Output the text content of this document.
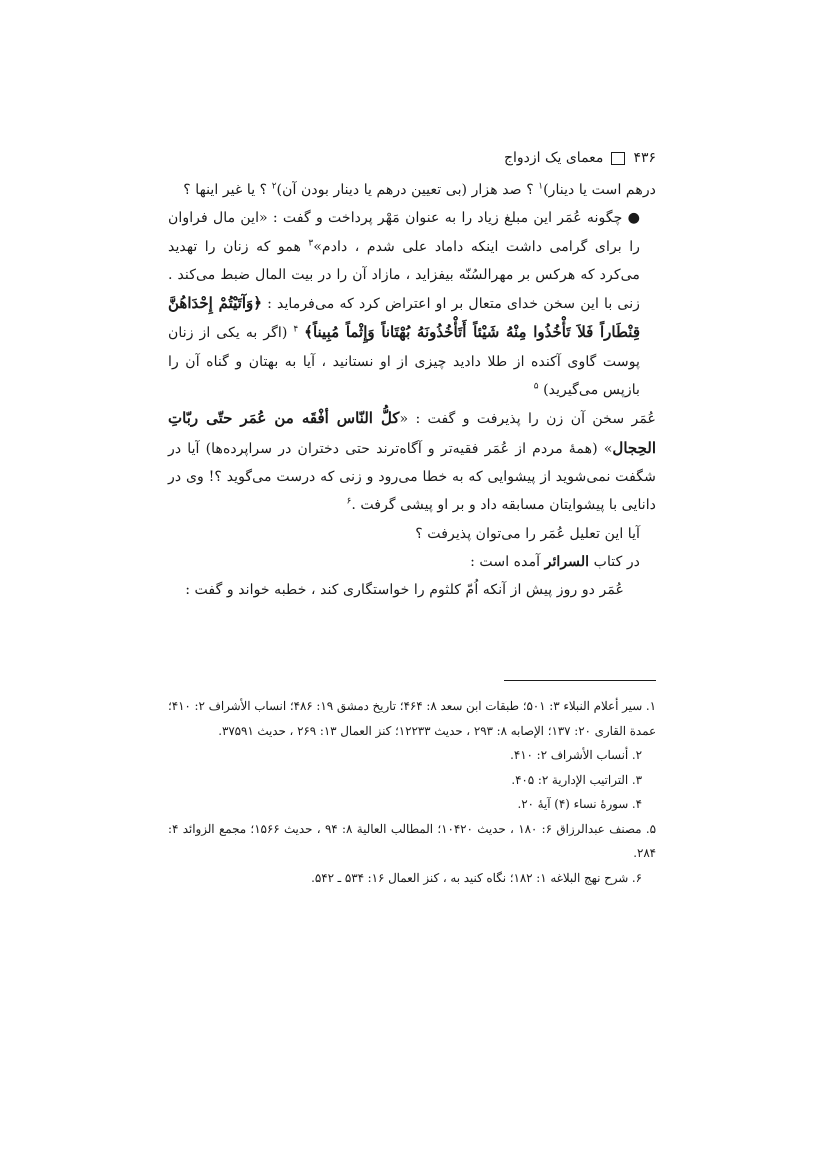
۴۳۶
معمای یک ازدواج

درهم است یا دینار)$^۱$ ؟ صد هزار (بی تعیین درهم یا دینار بودن آن)$^۲$ ؟ یا غیر اینها ؟

● چگونه عُمَر این مبلغ زیاد را به عنوان مَهْر پرداخت و گفت : «این مال فراوان را برای گرامی داشت اینکه داماد علی شدم ، دادم»$^۳$ همو که زنان را تهدید می‌کرد که هرکس بر مهرالسُنّه بیفزاید ، مازاد آن را در بیت المال ضبط می‌کند . زنی با این سخن خدای متعال بر او اعتراض کرد که می‌فرماید : ﴿وَآتَيْتُمْ إِحْدَاهُنَّ قِنْطَاراً فَلاَ تَأْخُذُوا مِنْهُ شَيْئاً أَتَأْخُذُونَهُ بُهْتَاناً وَإِثْماً مُبِيناً﴾ $^۴$ (اگر به یکی از زنان پوست گاوی آکنده از طلا دادید چیزی از او نستانید ، آیا به بهتان و گناه آن را بازپس می‌گیرید) $^۵$

عُمَر سخن آن زن را پذیرفت و گفت : «كلُّ النّاس أفْقَه من عُمَر حتّى ربّاتِ الحِجال» (همهٔ مردم از عُمَر فقیه‌تر و آگاه‌ترند حتی دختران در سراپرده‌ها) آیا در شگفت نمی‌شوید از پیشوایی که به خطا می‌رود و زنی که درست می‌گوید ؟! وی در دانایی با پیشوایتان مسابقه داد و بر او پیشی گرفت .$^۶$

آیا این تعلیل عُمَر را می‌توان پذیرفت ؟

در کتاب السرائر آمده است :

عُمَر دو روز پیش از آنکه اُمّ کلثوم را خواستگاری کند ، خطبه خواند و گفت :

۱. سیر أعلام النبلاء ۳: ۵۰۱؛ طبقات ابن سعد ۸: ۴۶۴؛ تاریخ دمشق ۱۹: ۴۸۶؛ انساب الأشراف ۲: ۴۱۰؛ عمدة القاری ۲۰: ۱۳۷؛ الإصابه ۸: ۲۹۳ ، حدیث ۱۲۲۳۳؛ کنز العمال ۱۳: ۲۶۹ ، حدیث ۳۷۵۹۱.

۲. أنساب الأشراف ۲: ۴۱۰.

۳. التراتیب الإداریة ۲: ۴۰۵.

۴. سورهٔ نساء (۴) آیهٔ ۲۰.

۵. مصنف عبدالرزاق ۶: ۱۸۰ ، حدیث ۱۰۴۲۰؛ المطالب العالیة ۸: ۹۴ ، حدیث ۱۵۶۶؛ مجمع الزوائد ۴: ۲۸۴.

۶. شرح نهج البلاغه ۱: ۱۸۲؛ نگاه کنید به ، کنز العمال ۱۶: ۵۳۴ ـ ۵۴۲.
